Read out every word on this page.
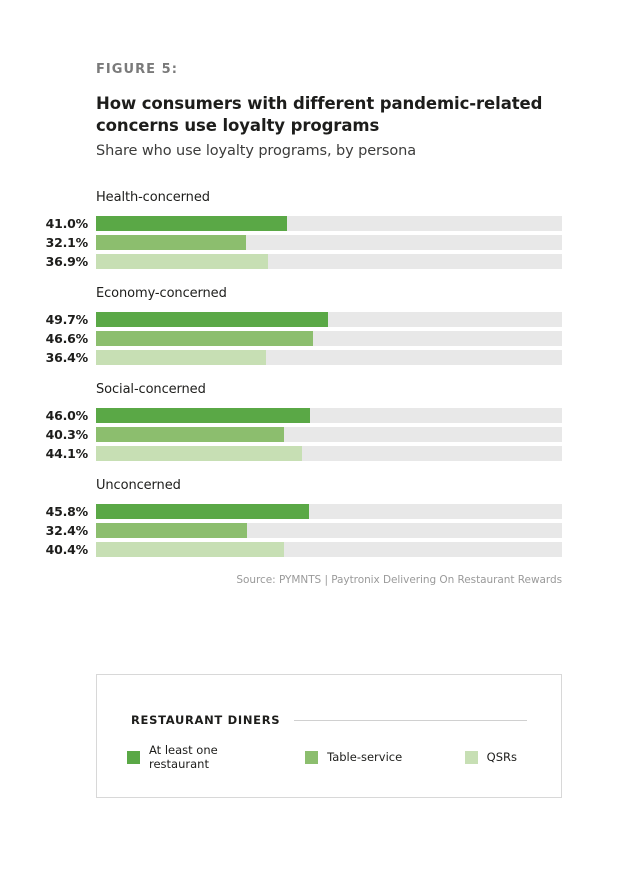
FIGURE 5:

How consumers with different pandemic-related concerns use loyalty programs

Share who use loyalty programs, by persona

Health-concerned
41.0%
32.1%
36.9%
Economy-concerned
49.7%
46.6%
36.4%
Social-concerned
46.0%
40.3%
44.1%
Unconcerned
45.8%
32.4%
40.4%
Source: PYMNTS | Paytronix Delivering On Restaurant Rewards
RESTAURANT DINERS
At least one restaurant	Table-service	QSRs
